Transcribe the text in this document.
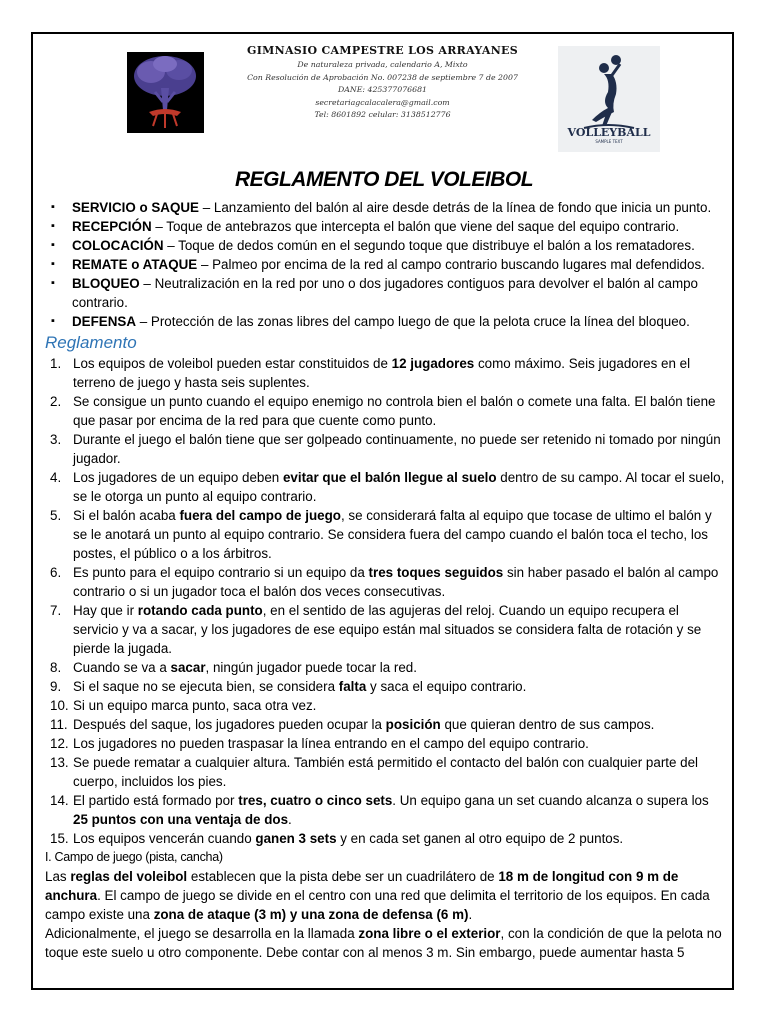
VOLLEYBALL
SAMPLE TEXT
GIMNASIO CAMPESTRE LOS ARRAYANES
De naturaleza privada, calendario A, Mixto
Con Resolución de Aprobación No. 007238 de septiembre 7 de 2007
DANE: 425377076681
secretariagcalacalera@gmail.com
Tel: 8601892 celular: 3138512776
REGLAMENTO DEL VOLEIBOL
▪ SERVICIO o SAQUE – Lanzamiento del balón al aire desde detrás de la línea de fondo que inicia un punto.
▪ RECEPCIÓN – Toque de antebrazos que intercepta el balón que viene del saque del equipo contrario.
▪ COLOCACIÓN – Toque de dedos común en el segundo toque que distribuye el balón a los rematadores.
▪ REMATE o ATAQUE – Palmeo por encima de la red al campo contrario buscando lugares mal defendidos.
▪ BLOQUEO – Neutralización en la red por uno o dos jugadores contiguos para devolver el balón al campo contrario.
▪ DEFENSA – Protección de las zonas libres del campo luego de que la pelota cruce la línea del bloqueo.
Reglamento
1. Los equipos de voleibol pueden estar constituidos de 12 jugadores como máximo. Seis jugadores en el terreno de juego y hasta seis suplentes.
2. Se consigue un punto cuando el equipo enemigo no controla bien el balón o comete una falta. El balón tiene que pasar por encima de la red para que cuente como punto.
3. Durante el juego el balón tiene que ser golpeado continuamente, no puede ser retenido ni tomado por ningún jugador.
4. Los jugadores de un equipo deben evitar que el balón llegue al suelo dentro de su campo. Al tocar el suelo, se le otorga un punto al equipo contrario.
5. Si el balón acaba fuera del campo de juego, se considerará falta al equipo que tocase de ultimo el balón y se le anotará un punto al equipo contrario. Se considera fuera del campo cuando el balón toca el techo, los postes, el público o a los árbitros.
6. Es punto para el equipo contrario si un equipo da tres toques seguidos sin haber pasado el balón al campo contrario o si un jugador toca el balón dos veces consecutivas.
7. Hay que ir rotando cada punto, en el sentido de las agujeras del reloj. Cuando un equipo recupera el servicio y va a sacar, y los jugadores de ese equipo están mal situados se considera falta de rotación y se pierde la jugada.
8. Cuando se va a sacar, ningún jugador puede tocar la red.
9. Si el saque no se ejecuta bien, se considera falta y saca el equipo contrario.
10. Si un equipo marca punto, saca otra vez.
11. Después del saque, los jugadores pueden ocupar la posición que quieran dentro de sus campos.
12. Los jugadores no pueden traspasar la línea entrando en el campo del equipo contrario.
13. Se puede rematar a cualquier altura. También está permitido el contacto del balón con cualquier parte del cuerpo, incluidos los pies.
14. El partido está formado por tres, cuatro o cinco sets. Un equipo gana un set cuando alcanza o supera los 25 puntos con una ventaja de dos.
15. Los equipos vencerán cuando ganen 3 sets y en cada set ganen al otro equipo de 2 puntos.
I. Campo de juego (pista, cancha)

Las reglas del voleibol establecen que la pista debe ser un cuadrilátero de 18 m de longitud con 9 m de anchura. El campo de juego se divide en el centro con una red que delimita el territorio de los equipos. En cada campo existe una zona de ataque (3 m) y una zona de defensa (6 m).

Adicionalmente, el juego se desarrolla en la llamada zona libre o el exterior, con la condición de que la pelota no toque este suelo u otro componente. Debe contar con al menos 3 m. Sin embargo, puede aumentar hasta 5
